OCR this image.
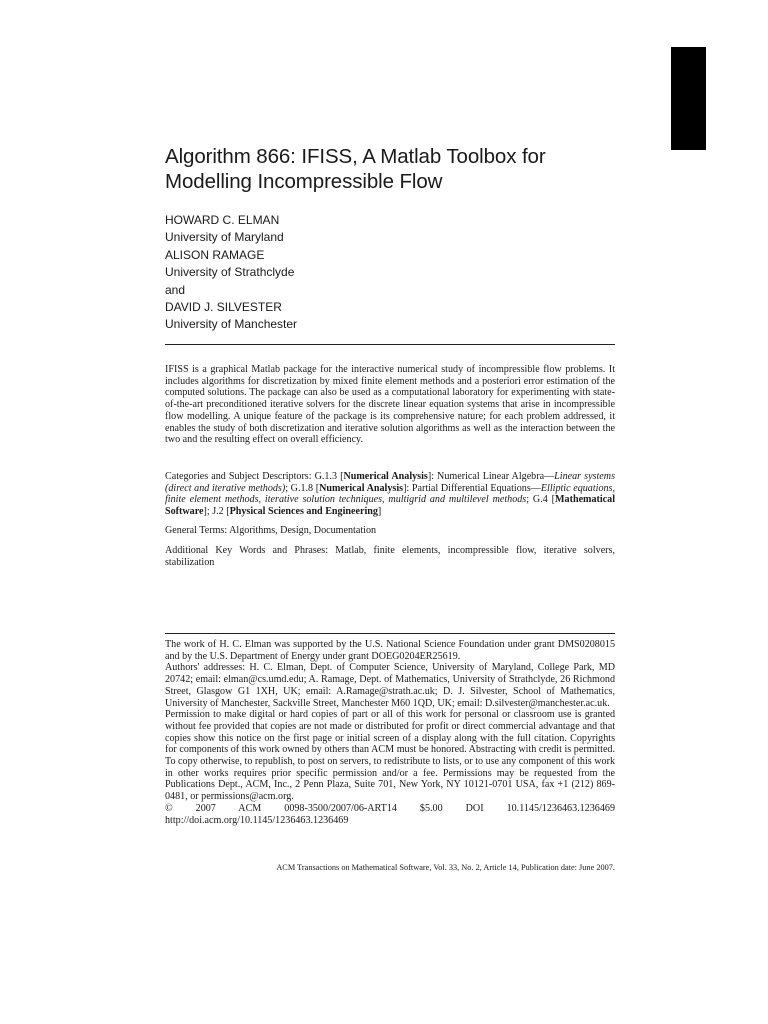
Algorithm 866: IFISS, A Matlab Toolbox for
Modelling Incompressible Flow
HOWARD C. ELMAN
University of Maryland
ALISON RAMAGE
University of Strathclyde
and
DAVID J. SILVESTER
University of Manchester

IFISS is a graphical Matlab package for the interactive numerical study of incompressible flow problems. It includes algorithms for discretization by mixed finite element methods and a posteriori error estimation of the computed solutions. The package can also be used as a computational laboratory for experimenting with state-of-the-art preconditioned iterative solvers for the discrete linear equation systems that arise in incompressible flow modelling. A unique feature of the package is its comprehensive nature; for each problem addressed, it enables the study of both discretization and iterative solution algorithms as well as the interaction between the two and the resulting effect on overall efficiency.

Categories and Subject Descriptors: G.1.3 [Numerical Analysis]: Numerical Linear Algebra—Linear systems (direct and iterative methods); G.1.8 [Numerical Analysis]: Partial Differential Equations—Elliptic equations, finite element methods, iterative solution techniques, multigrid and multilevel methods; G.4 [Mathematical Software]; J.2 [Physical Sciences and Engineering]

General Terms: Algorithms, Design, Documentation

Additional Key Words and Phrases: Matlab, finite elements, incompressible flow, iterative solvers, stabilization

The work of H. C. Elman was supported by the U.S. National Science Foundation under grant DMS0208015 and by the U.S. Department of Energy under grant DOEG0204ER25619.

Authors' addresses: H. C. Elman, Dept. of Computer Science, University of Maryland, College Park, MD 20742; email: elman@cs.umd.edu; A. Ramage, Dept. of Mathematics, University of Strathclyde, 26 Richmond Street, Glasgow G1 1XH, UK; email: A.Ramage@strath.ac.uk; D. J. Silvester, School of Mathematics, University of Manchester, Sackville Street, Manchester M60 1QD, UK; email: D.silvester@manchester.ac.uk.

Permission to make digital or hard copies of part or all of this work for personal or classroom use is granted without fee provided that copies are not made or distributed for profit or direct commercial advantage and that copies show this notice on the first page or initial screen of a display along with the full citation. Copyrights for components of this work owned by others than ACM must be honored. Abstracting with credit is permitted. To copy otherwise, to republish, to post on servers, to redistribute to lists, or to use any component of this work in other works requires prior specific permission and/or a fee. Permissions may be requested from the Publications Dept., ACM, Inc., 2 Penn Plaza, Suite 701, New York, NY 10121-0701 USA, fax +1 (212) 869-0481, or permissions@acm.org.

© 2007 ACM 0098-3500/2007/06-ART14 $5.00 DOI 10.1145/1236463.1236469 http://doi.acm.org/10.1145/1236463.1236469

ACM Transactions on Mathematical Software, Vol. 33, No. 2, Article 14, Publication date: June 2007.
